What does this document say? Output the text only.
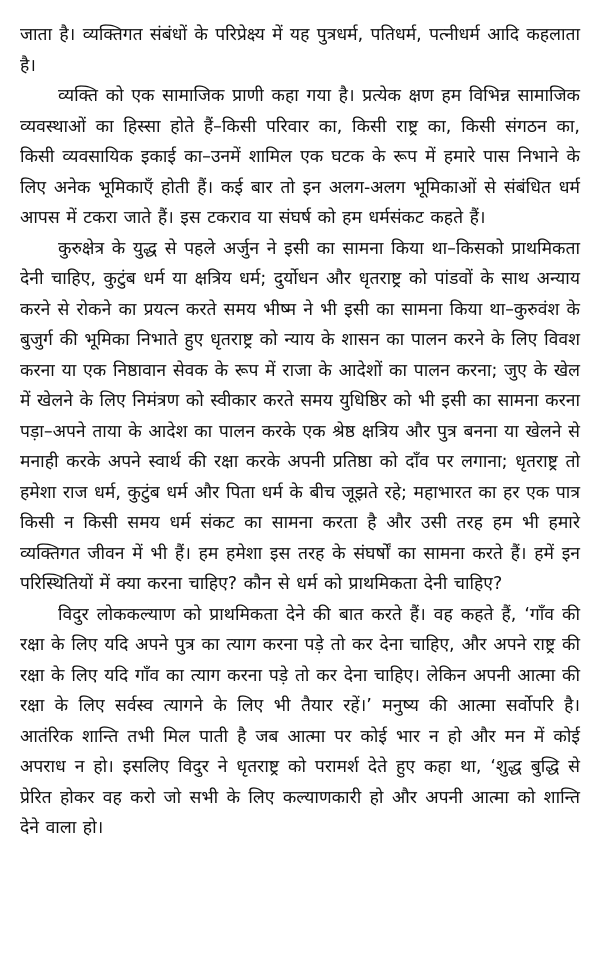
जाता है। व्यक्तिगत संबंधों के परिप्रेक्ष्य में यह पुत्रधर्म, पतिधर्म, पत्नीधर्म आदि कहलाता है।

व्यक्ति को एक सामाजिक प्राणी कहा गया है। प्रत्येक क्षण हम विभिन्न सामाजिक व्यवस्थाओं का हिस्सा होते हैं–किसी परिवार का, किसी राष्ट्र का, किसी संगठन का, किसी व्यवसायिक इकाई का–उनमें शामिल एक घटक के रूप में हमारे पास निभाने के लिए अनेक भूमिकाएँ होती हैं। कई बार तो इन अलग-अलग भूमिकाओं से संबंधित धर्म आपस में टकरा जाते हैं। इस टकराव या संघर्ष को हम धर्मसंकट कहते हैं।

कुरुक्षेत्र के युद्ध से पहले अर्जुन ने इसी का सामना किया था–किसको प्राथमिकता देनी चाहिए, कुटुंब धर्म या क्षत्रिय धर्म; दुर्योधन और धृतराष्ट्र को पांडवों के साथ अन्याय करने से रोकने का प्रयत्न करते समय भीष्म ने भी इसी का सामना किया था–कुरुवंश के बुजुर्ग की भूमिका निभाते हुए धृतराष्ट्र को न्याय के शासन का पालन करने के लिए विवश करना या एक निष्ठावान सेवक के रूप में राजा के आदेशों का पालन करना; जुए के खेल में खेलने के लिए निमंत्रण को स्वीकार करते समय युधिष्ठिर को भी इसी का सामना करना पड़ा–अपने ताया के आदेश का पालन करके एक श्रेष्ठ क्षत्रिय और पुत्र बनना या खेलने से मनाही करके अपने स्वार्थ की रक्षा करके अपनी प्रतिष्ठा को दाँव पर लगाना; धृतराष्ट्र तो हमेशा राज धर्म, कुटुंब धर्म और पिता धर्म के बीच जूझते रहे; महाभारत का हर एक पात्र किसी न किसी समय धर्म संकट का सामना करता है और उसी तरह हम भी हमारे व्यक्तिगत जीवन में भी हैं। हम हमेशा इस तरह के संघर्षों का सामना करते हैं। हमें इन परिस्थितियों में क्या करना चाहिए? कौन से धर्म को प्राथमिकता देनी चाहिए?

विदुर लोककल्याण को प्राथमिकता देने की बात करते हैं। वह कहते हैं, ‘गाँव की रक्षा के लिए यदि अपने पुत्र का त्याग करना पड़े तो कर देना चाहिए, और अपने राष्ट्र की रक्षा के लिए यदि गाँव का त्याग करना पड़े तो कर देना चाहिए। लेकिन अपनी आत्मा की रक्षा के लिए सर्वस्व त्यागने के लिए भी तैयार रहें।’ मनुष्य की आत्मा सर्वोपरि है। आतंरिक शान्ति तभी मिल पाती है जब आत्मा पर कोई भार न हो और मन में कोई अपराध न हो। इसलिए विदुर ने धृतराष्ट्र को परामर्श देते हुए कहा था, ‘शुद्ध बुद्धि से प्रेरित होकर वह करो जो सभी के लिए कल्याणकारी हो और अपनी आत्मा को शान्ति देने वाला हो।
